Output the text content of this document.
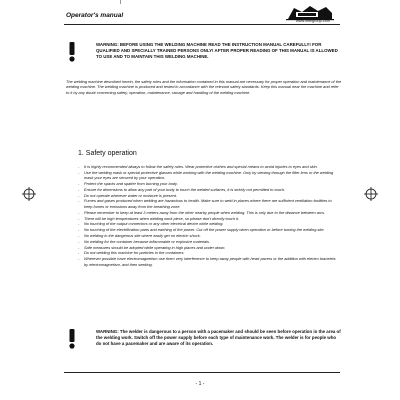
Operator's manual
www.intelgroup.com
WARNING: BEFORE USING THE WELDING MACHINE READ THE INSTRUCTION MANUAL CAREFULLY! FOR QUALIFIED AND SPECIALLY TRAINED PERSONS ONLY! AFTER PROPER READING OF THIS MANUAL IS ALLOWED TO USE AND TO MAINTAIN THIS WELDING MACHINE.
The welding machine described herein, the safety rules and the information contained in this manual are necessary for proper operation and maintenance of the welding machine. The welding machine is produced and tested in accordance with the relevant safety standards. Keep this manual near the machine and refer to it by any doubt concerning safety, operation, maintenance, storage and handling of the welding machine.
1. Safety operation
- It is highly recommended always to follow the safety rules. Wear protective clothes and special means to avoid injuries to eyes and skin.
- Use the welding mask or special protective glasses while working with the welding machine. Only by viewing through the filter lens or the welding mask your eyes are secured by your operation.
- Protect the sparks and spatter from burning your body.
- Ensure for dimensions to allow any part of your body to touch the welded surfaces, it is strictly not permitted to touch.
- Do not operate wherever water or moisture is present.
- Fumes and gases produced when welding are hazardous to health. Make sure to weld in places where there are sufficient ventilation facilities to keep fumes or emissions away from the breathing zone.
- Please remember to keep at least 3 meters away from the other nearby people when welding. This is only due to the distance between arcs.
- There will be high temperatures when welding work piece, so please don't directly touch it.
- No touching of the output connectors or any other electrical device while welding.
- No touching of the electrification parts and earthing of the power. Cut off the power supply when operation or before turning the welding site.
- No welding in the dangerous site where easily get on electric shock.
- No welding for the container because inflammable or explosive materials.
- Safe measures should be adopted while operating in high places and under down.
- Do not welding this machine for particles in the containers.
- Wherever possible have electromagnetism use them very interference to keep away people with heart pacers or the addition with electro bracelets by electromagnetism, and then seeking.
WARNING: The welder is dangerous to a person with a pacemaker and should be seen before operation in the area of the welding work. Switch off the power supply before each type of maintenance work. The welder is for people who do not have a pacemaker and are aware of its operation.
- 1 -
